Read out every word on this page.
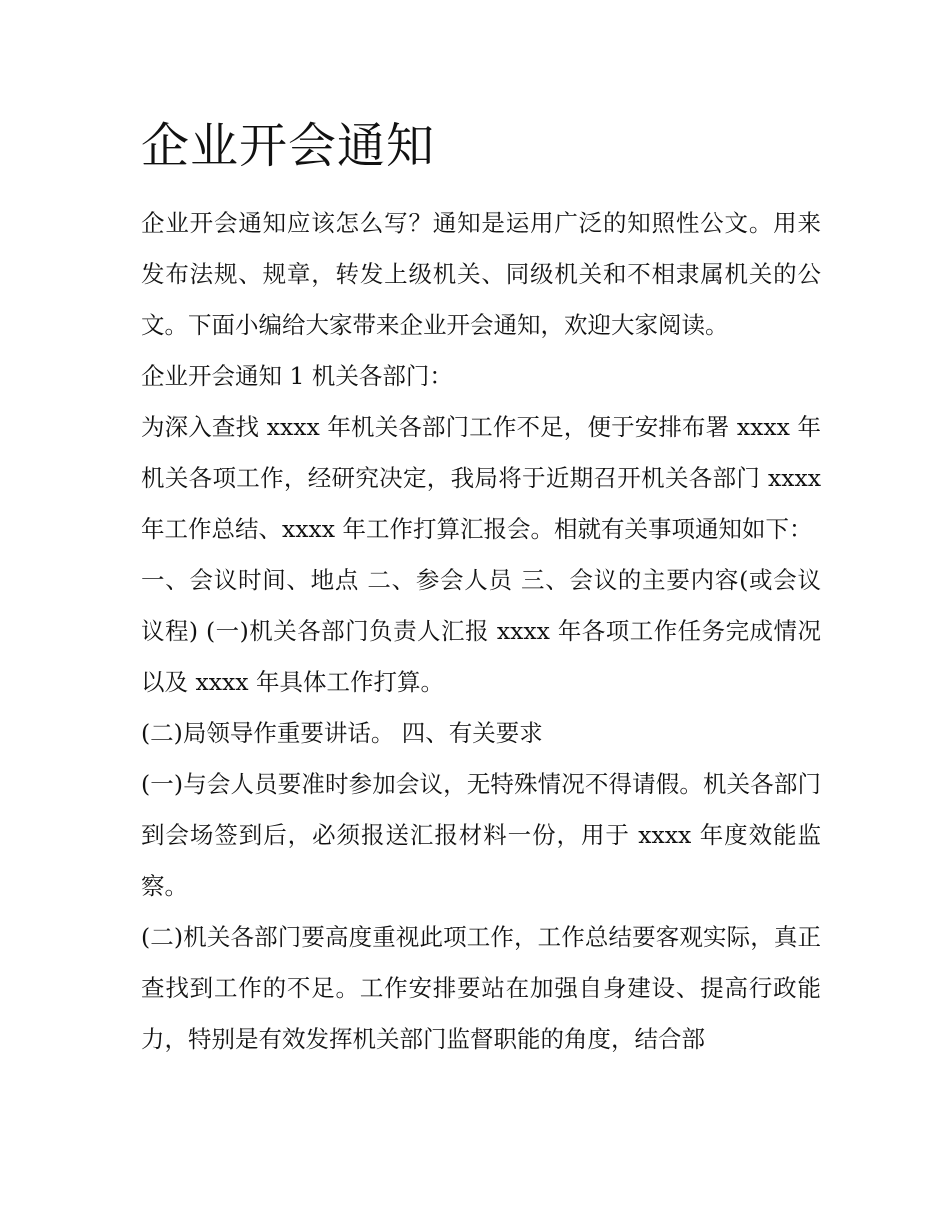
企业开会通知

企业开会通知应该怎么写？通知是运用广泛的知照性公文。用来发布法规、规章，转发上级机关、同级机关和不相隶属机关的公文。下面小编给大家带来企业开会通知，欢迎大家阅读。

企业开会通知 1 机关各部门：

为深入查找 xxxx 年机关各部门工作不足，便于安排布署 xxxx 年机关各项工作，经研究决定，我局将于近期召开机关各部门 xxxx 年工作总结、xxxx 年工作打算汇报会。相就有关事项通知如下：

一、会议时间、地点 二、参会人员 三、会议的主要内容(或会议议程) (一)机关各部门负责人汇报 xxxx 年各项工作任务完成情况以及 xxxx 年具体工作打算。

(二)局领导作重要讲话。 四、有关要求

(一)与会人员要准时参加会议，无特殊情况不得请假。机关各部门到会场签到后，必须报送汇报材料一份，用于 xxxx 年度效能监察。

(二)机关各部门要高度重视此项工作，工作总结要客观实际，真正查找到工作的不足。工作安排要站在加强自身建设、提高行政能力，特别是有效发挥机关部门监督职能的角度，结合部
